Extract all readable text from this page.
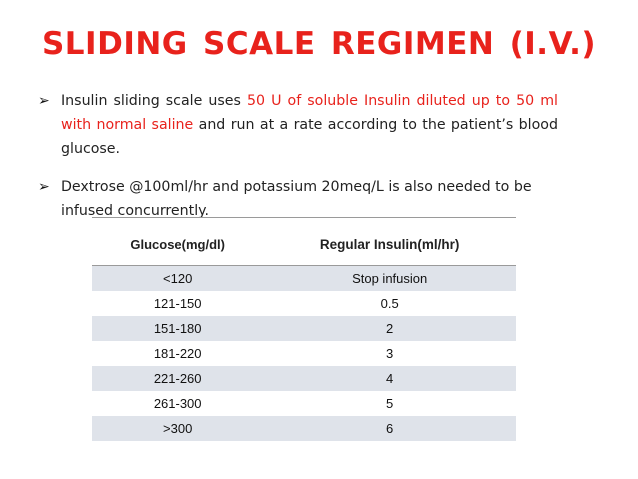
SLIDING SCALE REGIMEN (I.V.)
➢ Insulin sliding scale uses 50 U of soluble Insulin diluted up to 50 ml with normal saline and run at a rate according to the patient’s blood glucose.
➢ Dextrose @100ml/hr and potassium 20meq/L is also needed to be infused concurrently.
Glucose(mg/dl)	Regular Insulin(ml/hr)
<120	Stop infusion
121-150	0.5
151-180	2
181-220	3
221-260	4
261-300	5
>300	6
